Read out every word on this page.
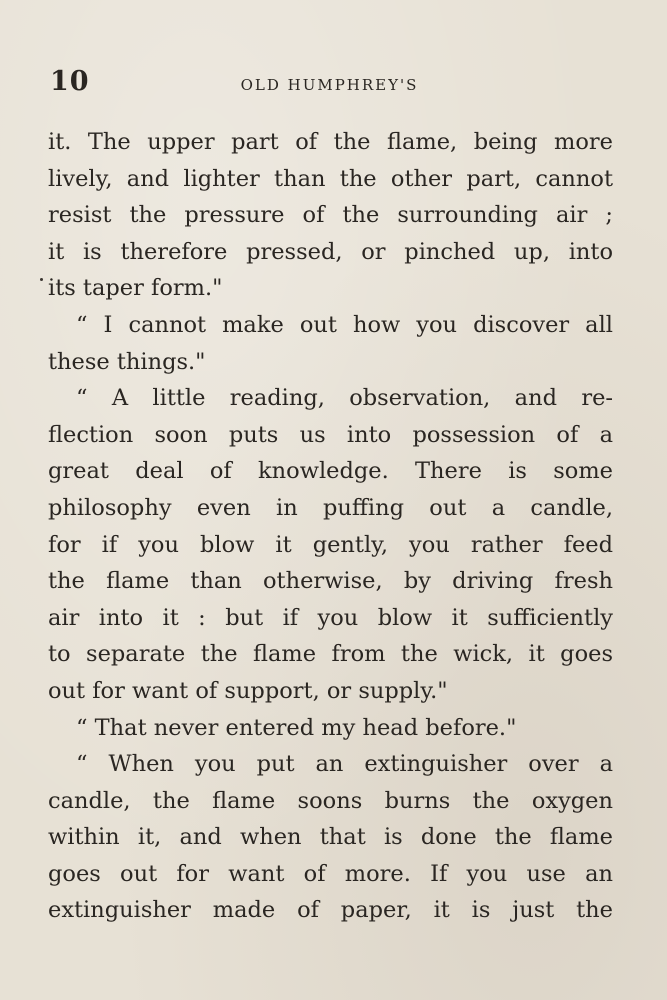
10	OLD HUMPHREY'S
it. The upper part of the flame, being more
lively, and lighter than the other part, cannot
resist the pressure of the surrounding air ;
it is therefore pressed, or pinched up, into
its taper form."
“ I cannot make out how you discover all
these things."
“ A little reading, observation, and re-
flection soon puts us into possession of a
great deal of knowledge. There is some
philosophy even in puffing out a candle,
for if you blow it gently, you rather feed
the flame than otherwise, by driving fresh
air into it : but if you blow it sufficiently
to separate the flame from the wick, it goes
out for want of support, or supply."
“ That never entered my head before."
“ When you put an extinguisher over a
candle, the flame soons burns the oxygen
within it, and when that is done the flame
goes out for want of more. If you use an
extinguisher made of paper, it is just the
